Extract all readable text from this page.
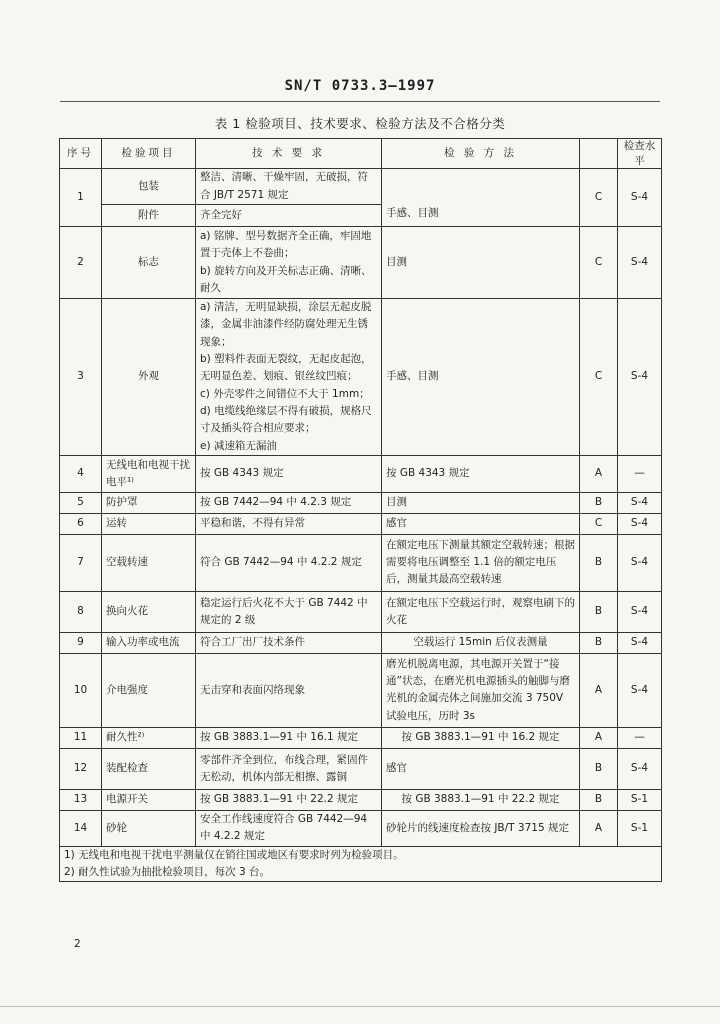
SN/T 0733.3—1997
表 1 检验项目、技术要求、检验方法及不合格分类
序号	检验项目	技 术 要 求	检 验 方 法		检查水平
1	包装	整洁、清晰、干燥牢固，无破损，符合 JB/T 2571 规定	手感、目测	C	S-4
	附件	齐全完好			
2	标志	a) 铭牌、型号数据齐全正确，牢固地置于壳体上不卷曲；
b) 旋转方向及开关标志正确、清晰、耐久	目测	C	S-4
3	外观	a) 清洁，无明显缺损，涂层无起皮脱漆，金属非油漆件经防腐处理无生锈现象；
b) 塑料件表面无裂纹，无起皮起泡，无明显色差、划痕、银丝纹凹痕；
c) 外壳零件之间错位不大于 1mm；
d) 电缆线绝缘层不得有破损，规格尺寸及插头符合相应要求；
e) 减速箱无漏油	手感、目测	C	S-4
4	无线电和电视干扰电平¹⁾	按 GB 4343 规定	按 GB 4343 规定	A	—
5	防护罩	按 GB 7442—94 中 4.2.3 规定	目测	B	S-4
6	运转	平稳和谐，不得有异常	感官	C	S-4
7	空载转速	符合 GB 7442—94 中 4.2.2 规定	在额定电压下测量其额定空载转速；根据需要将电压调整至 1.1 倍的额定电压后，测量其最高空载转速	B	S-4
8	换向火花	稳定运行后火花不大于 GB 7442 中规定的 2 级	在额定电压下空载运行时，观察电刷下的火花	B	S-4
9	输入功率或电流	符合工厂出厂技术条件	空载运行 15min 后仪表测量	B	S-4
10	介电强度	无击穿和表面闪络现象	磨光机脱离电源，其电源开关置于“接通”状态，在磨光机电源插头的触脚与磨光机的金属壳体之间施加交流 3 750V 试验电压，历时 3s	A	S-4
11	耐久性²⁾	按 GB 3883.1—91 中 16.1 规定	按 GB 3883.1—91 中 16.2 规定	A	—
12	装配检查	零部件齐全到位，布线合理，紧固件无松动，机体内部无相擦、露铜	感官	B	S-4
13	电源开关	按 GB 3883.1—91 中 22.2 规定	按 GB 3883.1—91 中 22.2 规定	B	S-1
14	砂轮	安全工作线速度符合 GB 7442—94 中 4.2.2 规定	砂轮片的线速度检查按 JB/T 3715 规定	A	S-1

1) 无线电和电视干扰电平测量仅在销往国或地区有要求时列为检验项目。
2) 耐久性试验为抽批检验项目，每次 3 台。					
2
